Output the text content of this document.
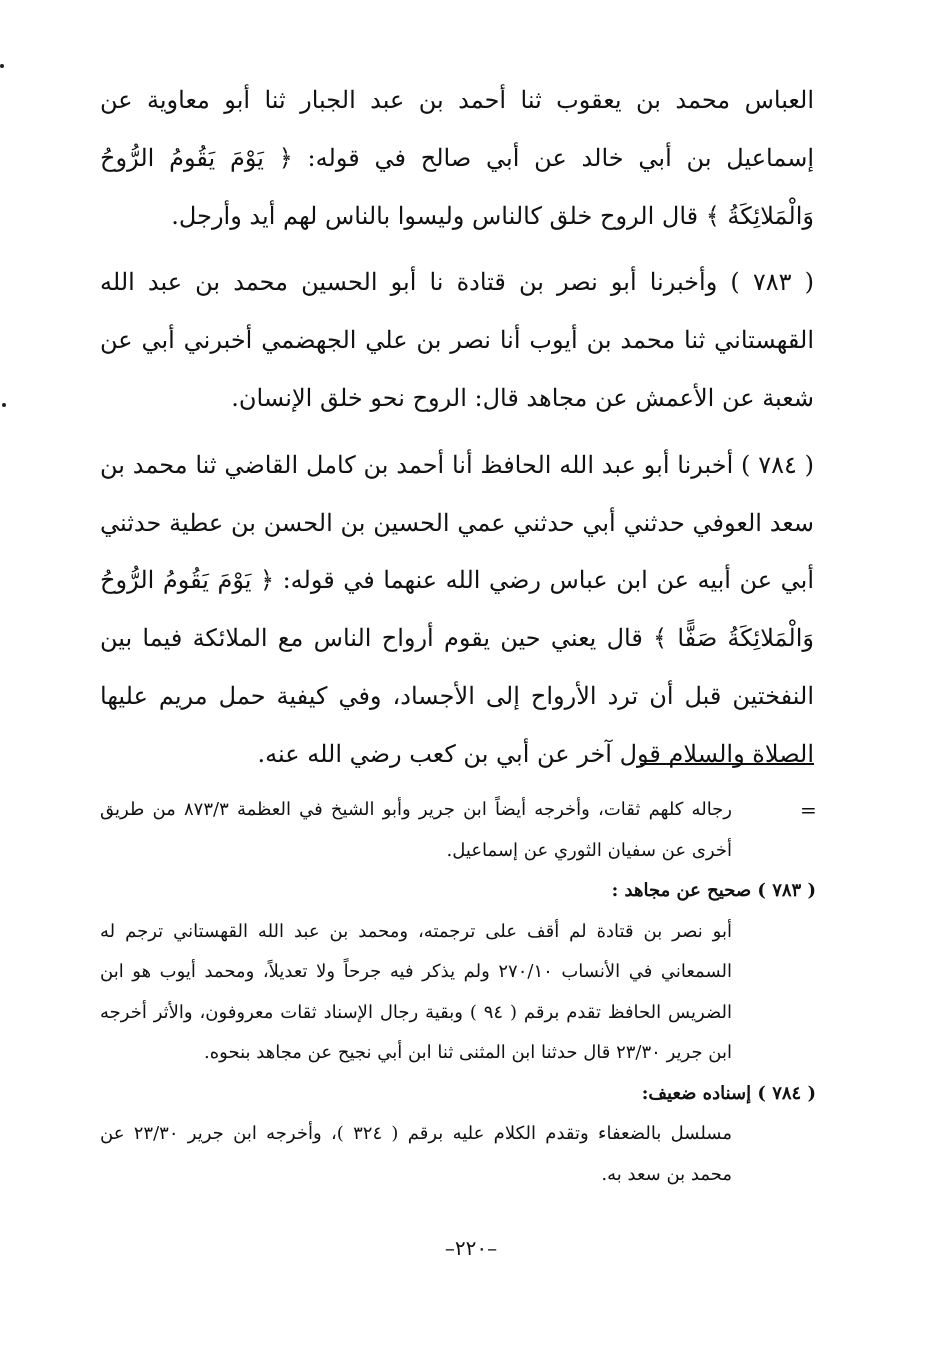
العباس محمد بن يعقوب ثنا أحمد بن عبد الجبار ثنا أبو معاوية عن إسماعيل بن أبي خالد عن أبي صالح في قوله: ﴿ يَوْمَ يَقُومُ الرُّوحُ وَالْمَلائِكَةُ ﴾ قال الروح خلق كالناس وليسوا بالناس لهم أيد وأرجل.

( ٧٨٣ ) وأخبرنا أبو نصر بن قتادة نا أبو الحسين محمد بن عبد الله القهستاني ثنا محمد بن أيوب أنا نصر بن علي الجهضمي أخبرني أبي عن شعبة عن الأعمش عن مجاهد قال: الروح نحو خلق الإنسان.

( ٧٨٤ ) أخبرنا أبو عبد الله الحافظ أنا أحمد بن كامل القاضي ثنا محمد بن سعد العوفي حدثني أبي حدثني عمي الحسين بن الحسن بن عطية حدثني أبي عن أبيه عن ابن عباس رضي الله عنهما في قوله: ﴿ يَوْمَ يَقُومُ الرُّوحُ وَالْمَلائِكَةُ صَفًّا ﴾ قال يعني حين يقوم أرواح الناس مع الملائكة فيما بين النفختين قبل أن ترد الأرواح إلى الأجساد، وفي كيفية حمل مريم عليها الصلاة والسلام قول آخر عن أبي بن كعب رضي الله عنه.

=

رجاله كلهم ثقات، وأخرجه أيضاً ابن جرير وأبو الشيخ في العظمة ٨٧٣/٣ من طريق أخرى عن سفيان الثوري عن إسماعيل.

( ٧٨٣ ) صحيح عن مجاهد :

أبو نصر بن قتادة لم أقف على ترجمته، ومحمد بن عبد الله القهستاني ترجم له السمعاني في الأنساب ٢٧٠/١٠ ولم يذكر فيه جرحاً ولا تعديلاً، ومحمد أيوب هو ابن الضريس الحافظ تقدم برقم ( ٩٤ ) وبقية رجال الإسناد ثقات معروفون، والأثر أخرجه ابن جرير ٢٣/٣٠ قال حدثنا ابن المثنى ثنا ابن أبي نجيح عن مجاهد بنحوه.

( ٧٨٤ ) إسناده ضعيف:

مسلسل بالضعفاء وتقدم الكلام عليه برقم ( ٣٢٤ )، وأخرجه ابن جرير ٢٣/٣٠ عن محمد بن سعد به.

–٢٢٠–
